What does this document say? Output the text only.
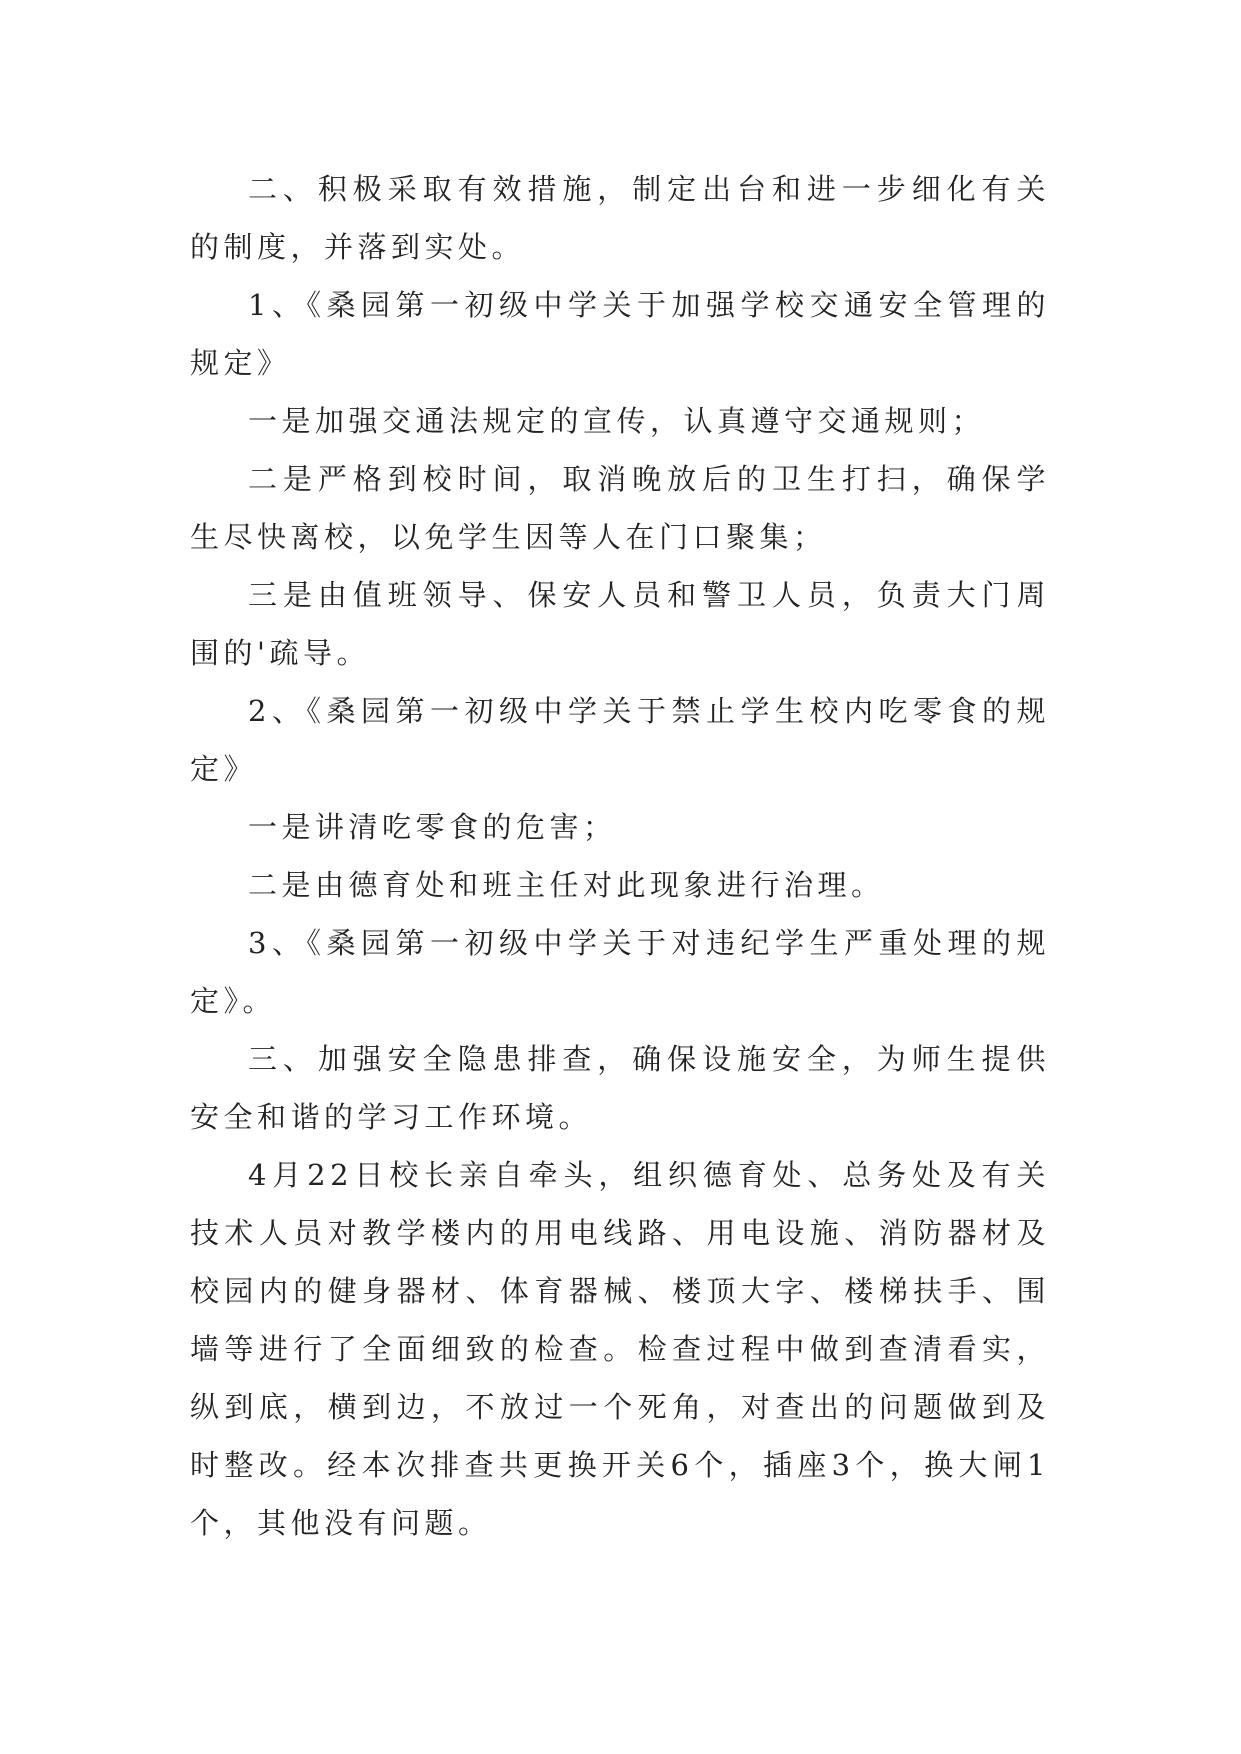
二、积极采取有效措施，制定出台和进一步细化有关的制度，并落到实处。

1、《桑园第一初级中学关于加强学校交通安全管理的规定》

一是加强交通法规定的宣传，认真遵守交通规则；

二是严格到校时间，取消晚放后的卫生打扫，确保学生尽快离校，以免学生因等人在门口聚集；

三是由值班领导、保安人员和警卫人员，负责大门周围的'疏导。

2、《桑园第一初级中学关于禁止学生校内吃零食的规定》

一是讲清吃零食的危害；

二是由德育处和班主任对此现象进行治理。

3、《桑园第一初级中学关于对违纪学生严重处理的规定》。

三、加强安全隐患排查，确保设施安全，为师生提供安全和谐的学习工作环境。

4月22日校长亲自牵头，组织德育处、总务处及有关技术人员对教学楼内的用电线路、用电设施、消防器材及校园内的健身器材、体育器械、楼顶大字、楼梯扶手、围墙等进行了全面细致的检查。检查过程中做到查清看实，纵到底，横到边，不放过一个死角，对查出的问题做到及时整改。经本次排查共更换开关6个，插座3个，换大闸1个，其他没有问题。
